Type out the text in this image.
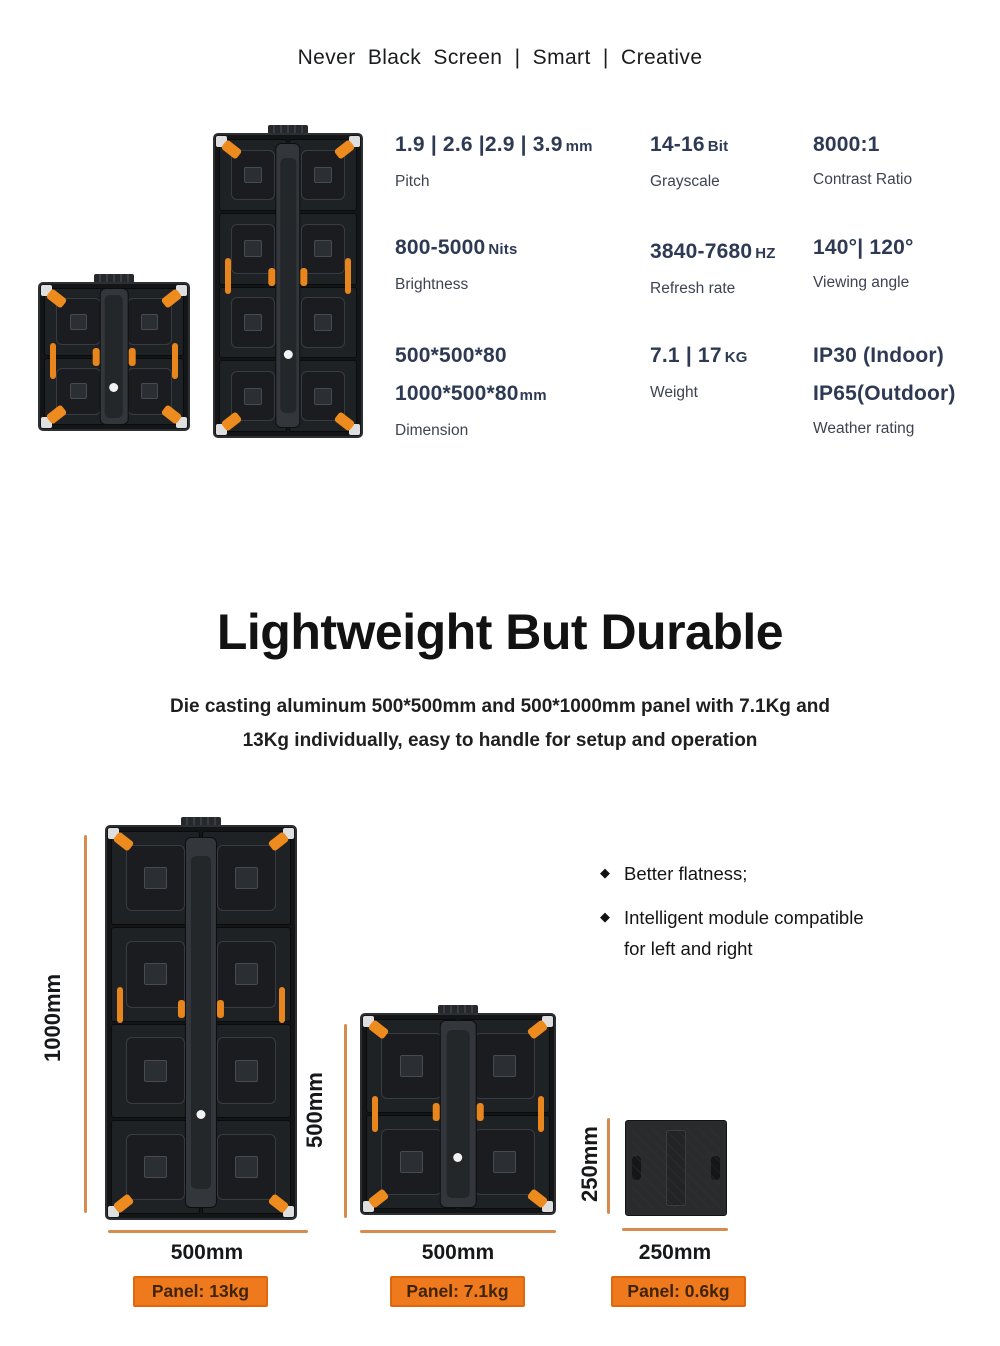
Never Black Screen | Smart | Creative
1.9 | 2.6 |2.9 | 3.9 mm
Pitch
14-16 Bit
Grayscale
8000:1
Contrast Ratio
800-5000 Nits
Brightness
3840-7680 HZ
Refresh rate
140°| 120°
Viewing angle
500*500*80
1000*500*80mm
Dimension
7.1 | 17 KG
Weight
IP30 (Indoor)
IP65(Outdoor)
Weather rating
Lightweight But Durable
Die casting aluminum 500*500mm and 500*1000mm panel with 7.1Kg and
13Kg individually, easy to handle for setup and operation
◆ Better flatness;
◆ Intelligent module compatible
for left and right
1000mm
500mm
Panel: 13kg
500mm
500mm
Panel: 7.1kg
250mm
250mm
Panel: 0.6kg
